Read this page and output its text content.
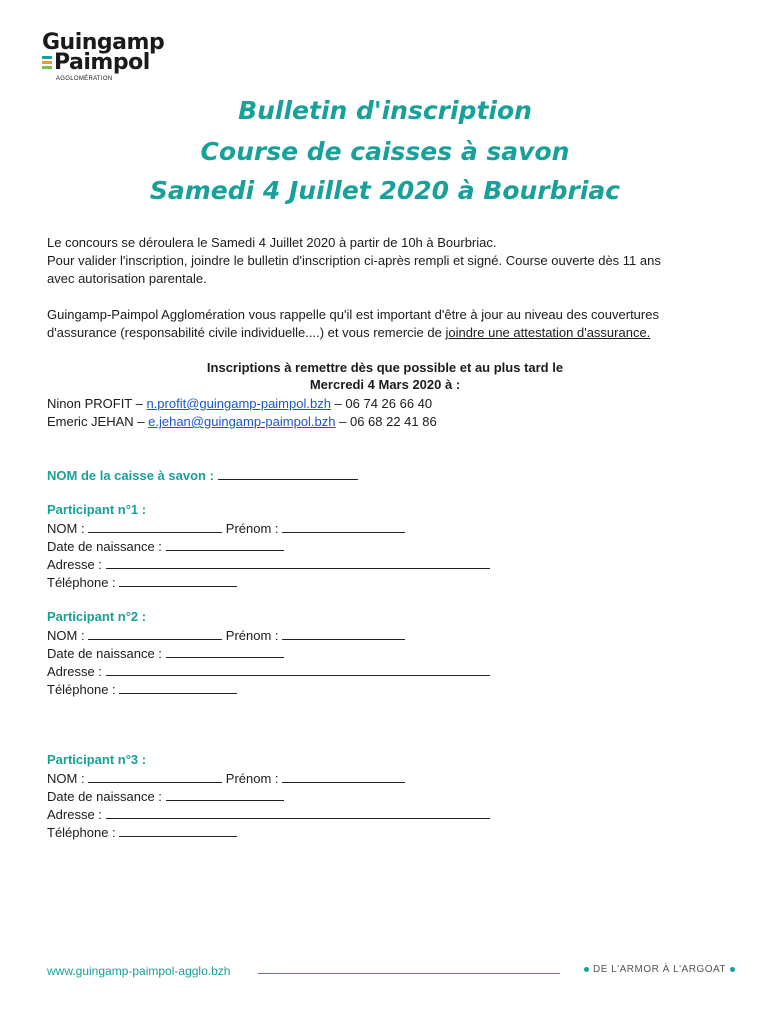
Guingamp
Paimpol
AGGLOMÉRATION
Bulletin d'inscription
Course de caisses à savon
Samedi 4 Juillet 2020 à Bourbriac
Le concours se déroulera le Samedi 4 Juillet 2020 à partir de 10h à Bourbriac.
Pour valider l'inscription, joindre le bulletin d'inscription ci-après rempli et signé. Course ouverte dès 11 ans
avec autorisation parentale.
Guingamp-Paimpol Agglomération vous rappelle qu'il est important d'être à jour au niveau des couvertures
d'assurance (responsabilité civile individuelle....) et vous remercie de joindre une attestation d'assurance.
Inscriptions à remettre dès que possible et au plus tard le
Mercredi 4 Mars 2020 à :
Ninon PROFIT – n.profit@guingamp-paimpol.bzh – 06 74 26 66 40
Emeric JEHAN – e.jehan@guingamp-paimpol.bzh – 06 68 22 41 86
NOM de la caisse à savon :
Participant n°1 :
NOM :	Prénom :
Date de naissance :
Adresse :
Téléphone :
Participant n°2 :
NOM :	Prénom :
Date de naissance :
Adresse :
Téléphone :
Participant n°3 :
NOM :	Prénom :
Date de naissance :
Adresse :
Téléphone :
www.guingamp-paimpol-agglo.bzh	DE L'ARMOR À L'ARGOAT
